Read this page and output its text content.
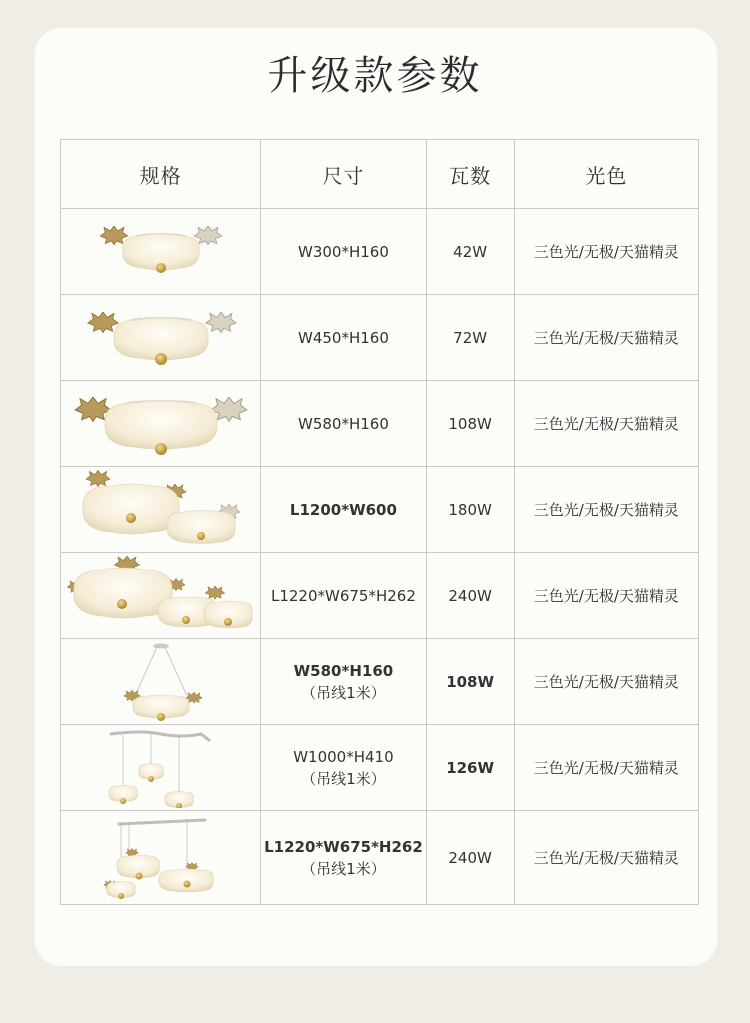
升级款参数
规格	尺寸	瓦数	光色

	W300*H160	42W	三色光/无极/天猫精灵

	W450*H160	72W	三色光/无极/天猫精灵

	W580*H160	108W	三色光/无极/天猫精灵

	L1200*W600	180W	三色光/无极/天猫精灵

	L1220*W675*H262	240W	三色光/无极/天猫精灵

	W580*H160
（吊线1米）	108W	三色光/无极/天猫精灵

	W1000*H410
（吊线1米）	126W	三色光/无极/天猫精灵

	L1220*W675*H262
（吊线1米）	240W	三色光/无极/天猫精灵
